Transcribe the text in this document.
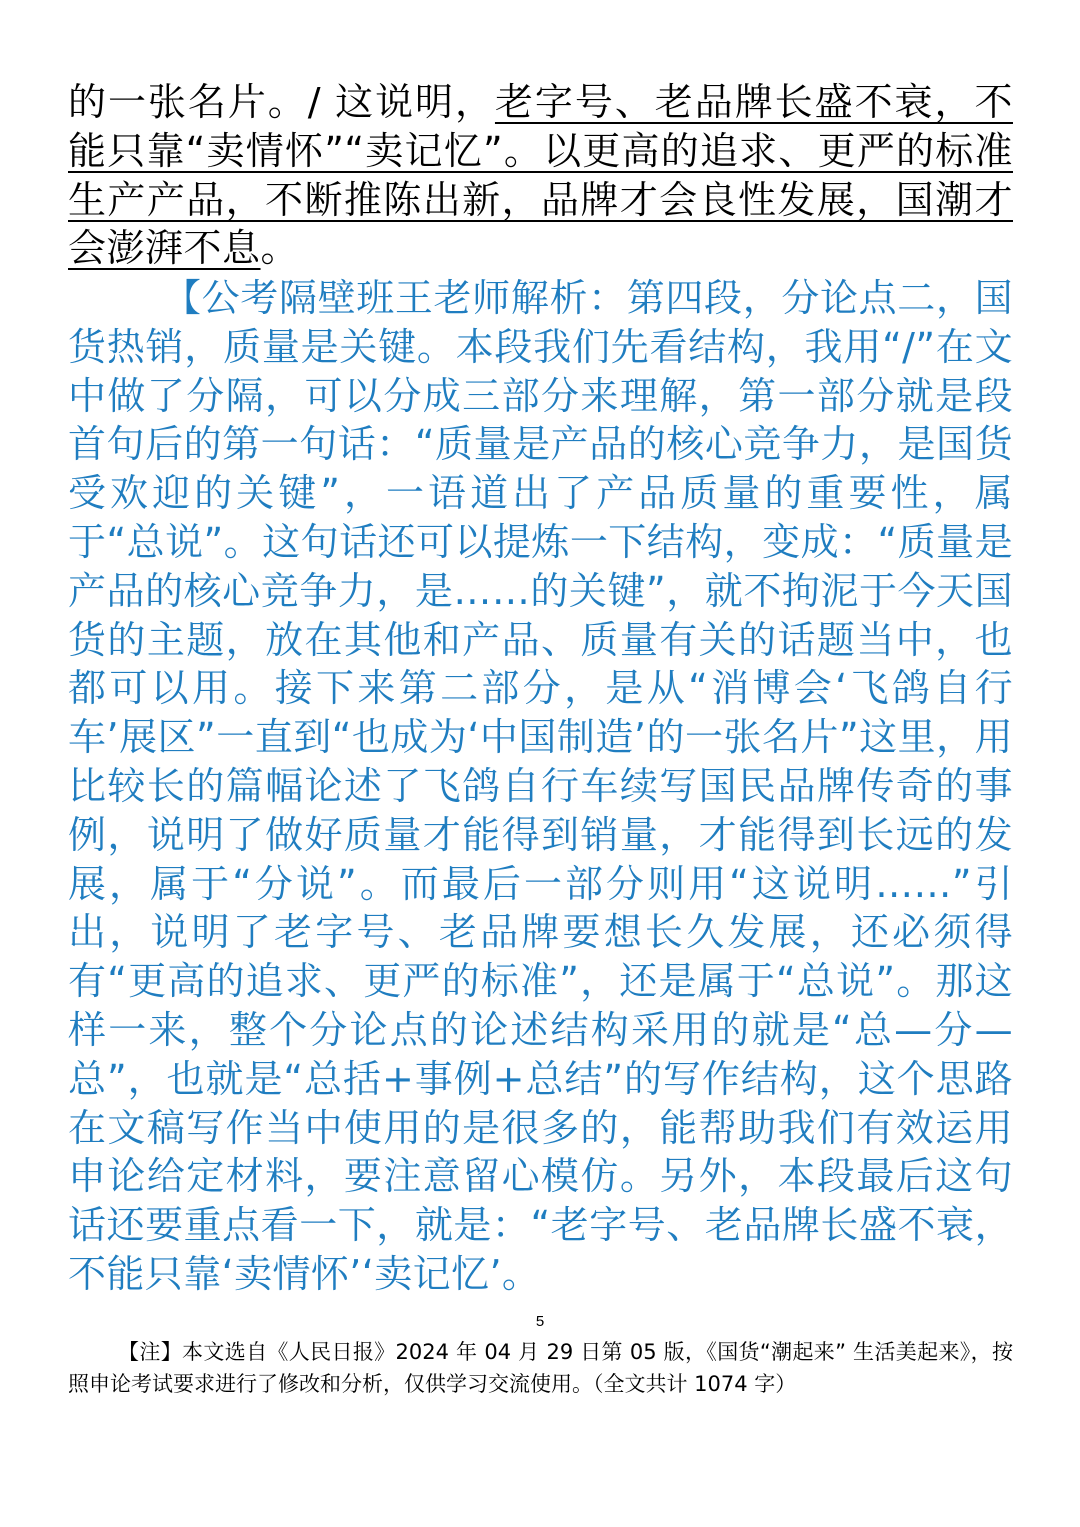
的一张名片。/ 这说明，老字号、老品牌长盛不衰，不能只靠“卖情怀”“卖记忆”。以更高的追求、更严的标准生产产品，不断推陈出新，品牌才会良性发展，国潮才会澎湃不息。

【公考隔壁班王老师解析：第四段，分论点二，国货热销，质量是关键。本段我们先看结构，我用“/”在文中做了分隔，可以分成三部分来理解，第一部分就是段首句后的第一句话：“质量是产品的核心竞争力，是国货受欢迎的关键”，一语道出了产品质量的重要性，属于“总说”。这句话还可以提炼一下结构，变成：“质量是产品的核心竞争力，是……的关键”，就不拘泥于今天国货的主题，放在其他和产品、质量有关的话题当中，也都可以用。接下来第二部分，是从“消博会‘飞鸽自行车’展区”一直到“也成为‘中国制造’的一张名片”这里，用比较长的篇幅论述了飞鸽自行车续写国民品牌传奇的事例，说明了做好质量才能得到销量，才能得到长远的发展，属于“分说”。而最后一部分则用“这说明……”引出，说明了老字号、老品牌要想长久发展，还必须得有“更高的追求、更严的标准”，还是属于“总说”。那这样一来，整个分论点的论述结构采用的就是“总—分—总”，也就是“总括+事例+总结”的写作结构，这个思路在文稿写作当中使用的是很多的，能帮助我们有效运用申论给定材料，要注意留心模仿。另外，本段最后这句话还要重点看一下，就是：“老字号、老品牌长盛不衰，不能只靠‘卖情怀’‘卖记忆’。

5

【注】本文选自《人民日报》2024 年 04 月 29 日第 05 版，《国货“潮起来” 生活美起来》，按照申论考试要求进行了修改和分析，仅供学习交流使用。（全文共计 1074 字）
